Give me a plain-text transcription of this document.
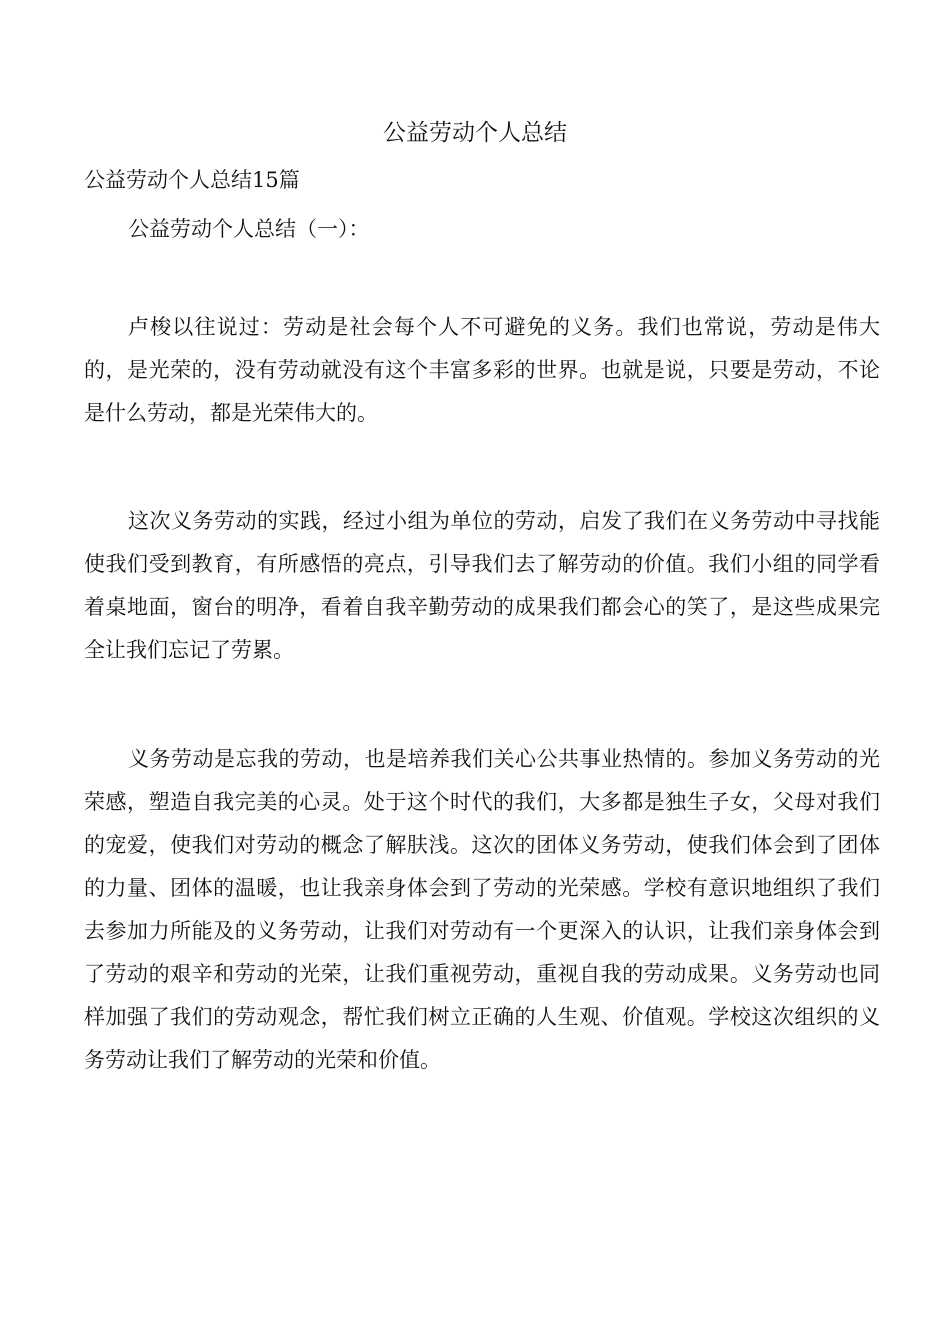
公益劳动个人总结
公益劳动个人总结15篇
公益劳动个人总结（一）：

卢梭以往说过：劳动是社会每个人不可避免的义务。我们也常说，劳动是伟大的，是光荣的，没有劳动就没有这个丰富多彩的世界。也就是说，只要是劳动，不论是什么劳动，都是光荣伟大的。

这次义务劳动的实践，经过小组为单位的劳动，启发了我们在义务劳动中寻找能使我们受到教育，有所感悟的亮点，引导我们去了解劳动的价值。我们小组的同学看着桌地面，窗台的明净，看着自我辛勤劳动的成果我们都会心的笑了，是这些成果完全让我们忘记了劳累。

义务劳动是忘我的劳动，也是培养我们关心公共事业热情的。参加义务劳动的光荣感，塑造自我完美的心灵。处于这个时代的我们，大多都是独生子女，父母对我们的宠爱，使我们对劳动的概念了解肤浅。这次的团体义务劳动，使我们体会到了团体的力量、团体的温暖，也让我亲身体会到了劳动的光荣感。学校有意识地组织了我们去参加力所能及的义务劳动，让我们对劳动有一个更深入的认识，让我们亲身体会到了劳动的艰辛和劳动的光荣，让我们重视劳动，重视自我的劳动成果。义务劳动也同样加强了我们的劳动观念，帮忙我们树立正确的人生观、价值观。学校这次组织的义务劳动让我们了解劳动的光荣和价值。
